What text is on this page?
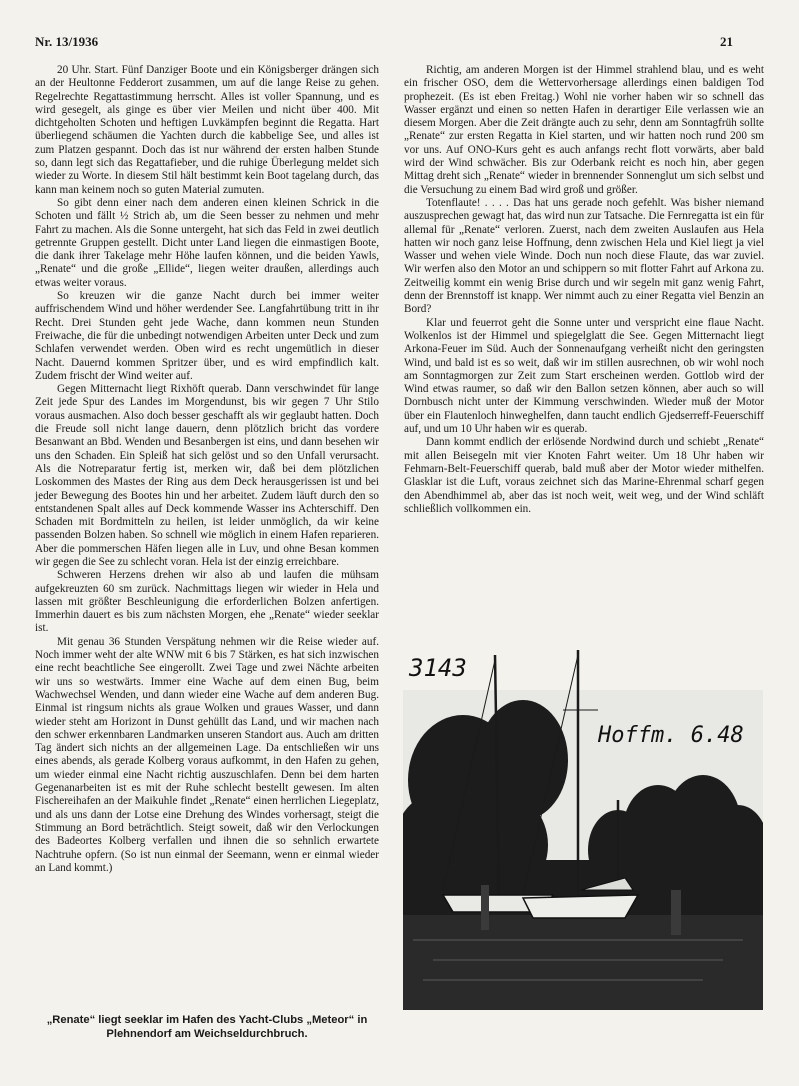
Nr. 13/1936	21

20 Uhr. Start. Fünf Danziger Boote und ein Königsberger drängen sich an der Heultonne Fedderort zusammen, um auf die lange Reise zu gehen. Regelrechte Regattastimmung herrscht. Alles ist voller Spannung, und es wird gesegelt, als ginge es über vier Meilen und nicht über 400. Mit dichtgeholten Schoten und heftigen Luvkämpfen beginnt die Regatta. Hart überliegend schäumen die Yachten durch die kabbelige See, und alles ist zum Platzen gespannt. Doch das ist nur während der ersten halben Stunde so, dann legt sich das Regattafieber, und die ruhige Überlegung meldet sich wieder zu Worte. In diesem Stil hält bestimmt kein Boot tagelang durch, das kann man keinem noch so guten Material zumuten.

So gibt denn einer nach dem anderen einen kleinen Schrick in die Schoten und fällt ½ Strich ab, um die Seen besser zu nehmen und mehr Fahrt zu machen. Als die Sonne untergeht, hat sich das Feld in zwei deutlich getrennte Gruppen gestellt. Dicht unter Land liegen die einmastigen Boote, die dank ihrer Takelage mehr Höhe laufen können, und die beiden Yawls, „Renate“ und die große „Ellide“, liegen weiter draußen, allerdings auch etwas weiter voraus.

So kreuzen wir die ganze Nacht durch bei immer weiter auffrischendem Wind und höher werdender See. Langfahrtübung tritt in ihr Recht. Drei Stunden geht jede Wache, dann kommen neun Stunden Freiwache, die für die unbedingt notwendigen Arbeiten unter Deck und zum Schlafen verwendet werden. Oben wird es recht ungemütlich in dieser Nacht. Dauernd kommen Spritzer über, und es wird empfindlich kalt. Zudem frischt der Wind weiter auf.

Gegen Mitternacht liegt Rixhöft querab. Dann verschwindet für lange Zeit jede Spur des Landes im Morgendunst, bis wir gegen 7 Uhr Stilo voraus ausmachen. Also doch besser geschafft als wir geglaubt hatten. Doch die Freude soll nicht lange dauern, denn plötzlich bricht das vordere Besanwant an Bbd. Wenden und Besanbergen ist eins, und dann besehen wir uns den Schaden. Ein Spleiß hat sich gelöst und so den Unfall verursacht. Als die Notreparatur fertig ist, merken wir, daß bei dem plötzlichen Loskommen des Mastes der Ring aus dem Deck herausgerissen ist und bei jeder Bewegung des Bootes hin und her arbeitet. Zudem läuft durch den so entstandenen Spalt alles auf Deck kommende Wasser ins Achterschiff. Den Schaden mit Bordmitteln zu heilen, ist leider unmöglich, da wir keine passenden Bolzen haben. So schnell wie möglich in einem Hafen reparieren. Aber die pommerschen Häfen liegen alle in Luv, und ohne Besan kommen wir gegen die See zu schlecht voran. Hela ist der einzig erreichbare.

Schweren Herzens drehen wir also ab und laufen die mühsam aufgekreuzten 60 sm zurück. Nachmittags liegen wir wieder in Hela und lassen mit größter Beschleunigung die erforderlichen Bolzen anfertigen. Immerhin dauert es bis zum nächsten Morgen, ehe „Renate“ wieder seeklar ist.

Mit genau 36 Stunden Verspätung nehmen wir die Reise wieder auf. Noch immer weht der alte WNW mit 6 bis 7 Stärken, es hat sich inzwischen eine recht beachtliche See eingerollt. Zwei Tage und zwei Nächte arbeiten wir uns so westwärts. Immer eine Wache auf dem einen Bug, beim Wachwechsel Wenden, und dann wieder eine Wache auf dem anderen Bug. Einmal ist ringsum nichts als graue Wolken und graues Wasser, und dann wieder steht am Horizont in Dunst gehüllt das Land, und wir machen nach den schwer erkennbaren Landmarken unseren Standort aus. Auch am dritten Tag ändert sich nichts an der allgemeinen Lage. Da entschließen wir uns eines abends, als gerade Kolberg voraus aufkommt, in den Hafen zu gehen, um wieder einmal eine Nacht richtig auszuschlafen. Denn bei dem harten Gegenanarbeiten ist es mit der Ruhe schlecht bestellt gewesen. Im alten Fischereihafen an der Maikuhle findet „Renate“ einen herrlichen Liegeplatz, und als uns dann der Lotse eine Drehung des Windes vorhersagt, steigt die Stimmung an Bord beträchtlich. Steigt soweit, daß wir den Verlockungen des Badeortes Kolberg verfallen und ihnen die so sehnlich erwartete Nachtruhe opfern. (So ist nun einmal der Seemann, wenn er einmal wieder an Land kommt.)

Richtig, am anderen Morgen ist der Himmel strahlend blau, und es weht ein frischer OSO, dem die Wettervorhersage allerdings einen baldigen Tod prophezeit. (Es ist eben Freitag.) Wohl nie vorher haben wir so schnell das Wasser ergänzt und einen so netten Hafen in derartiger Eile verlassen wie an diesem Morgen. Aber die Zeit drängte auch zu sehr, denn am Sonntagfrüh sollte „Renate“ zur ersten Regatta in Kiel starten, und wir hatten noch rund 200 sm vor uns. Auf ONO-Kurs geht es auch anfangs recht flott vorwärts, aber bald wird der Wind schwächer. Bis zur Oderbank reicht es noch hin, aber gegen Mittag dreht sich „Renate“ wieder in brennender Sonnenglut um sich selbst und die Versuchung zu einem Bad wird groß und größer.

Totenflaute! . . . . Das hat uns gerade noch gefehlt. Was bisher niemand auszusprechen gewagt hat, das wird nun zur Tatsache. Die Fernregatta ist ein für allemal für „Renate“ verloren. Zuerst, nach dem zweiten Auslaufen aus Hela hatten wir noch ganz leise Hoffnung, denn zwischen Hela und Kiel liegt ja viel Wasser und wehen viele Winde. Doch nun noch diese Flaute, das war zuviel. Wir werfen also den Motor an und schippern so mit flotter Fahrt auf Arkona zu. Zeitweilig kommt ein wenig Brise durch und wir segeln mit ganz wenig Fahrt, denn der Brennstoff ist knapp. Wer nimmt auch zu einer Regatta viel Benzin an Bord?

Klar und feuerrot geht die Sonne unter und verspricht eine flaue Nacht. Wolkenlos ist der Himmel und spiegelglatt die See. Gegen Mitternacht liegt Arkona-Feuer im Süd. Auch der Sonnenaufgang verheißt nicht den geringsten Wind, und bald ist es so weit, daß wir im stillen ausrechnen, ob wir wohl noch am Sonntagmorgen zur Zeit zum Start erscheinen werden. Gottlob wird der Wind etwas raumer, so daß wir den Ballon setzen können, aber auch so will Dornbusch nicht unter der Kimmung verschwinden. Wieder muß der Motor über ein Flautenloch hinweghelfen, dann taucht endlich Gjedserreff-Feuerschiff auf, und um 10 Uhr haben wir es querab.

Dann kommt endlich der erlösende Nordwind durch und schiebt „Renate“ mit allen Beisegeln mit vier Knoten Fahrt weiter. Um 18 Uhr haben wir Fehmarn-Belt-Feuerschiff querab, bald muß aber der Motor wieder mithelfen. Glasklar ist die Luft, voraus zeichnet sich das Marine-Ehrenmal scharf gegen den Abendhimmel ab, aber das ist noch weit, weit weg, und der Wind schläft schließlich vollkommen ein.

3143
Hoffm. 6.48
„Renate“ liegt seeklar im Hafen des Yacht-Clubs „Meteor“ in Plehnendorf am Weichseldurchbruch.
